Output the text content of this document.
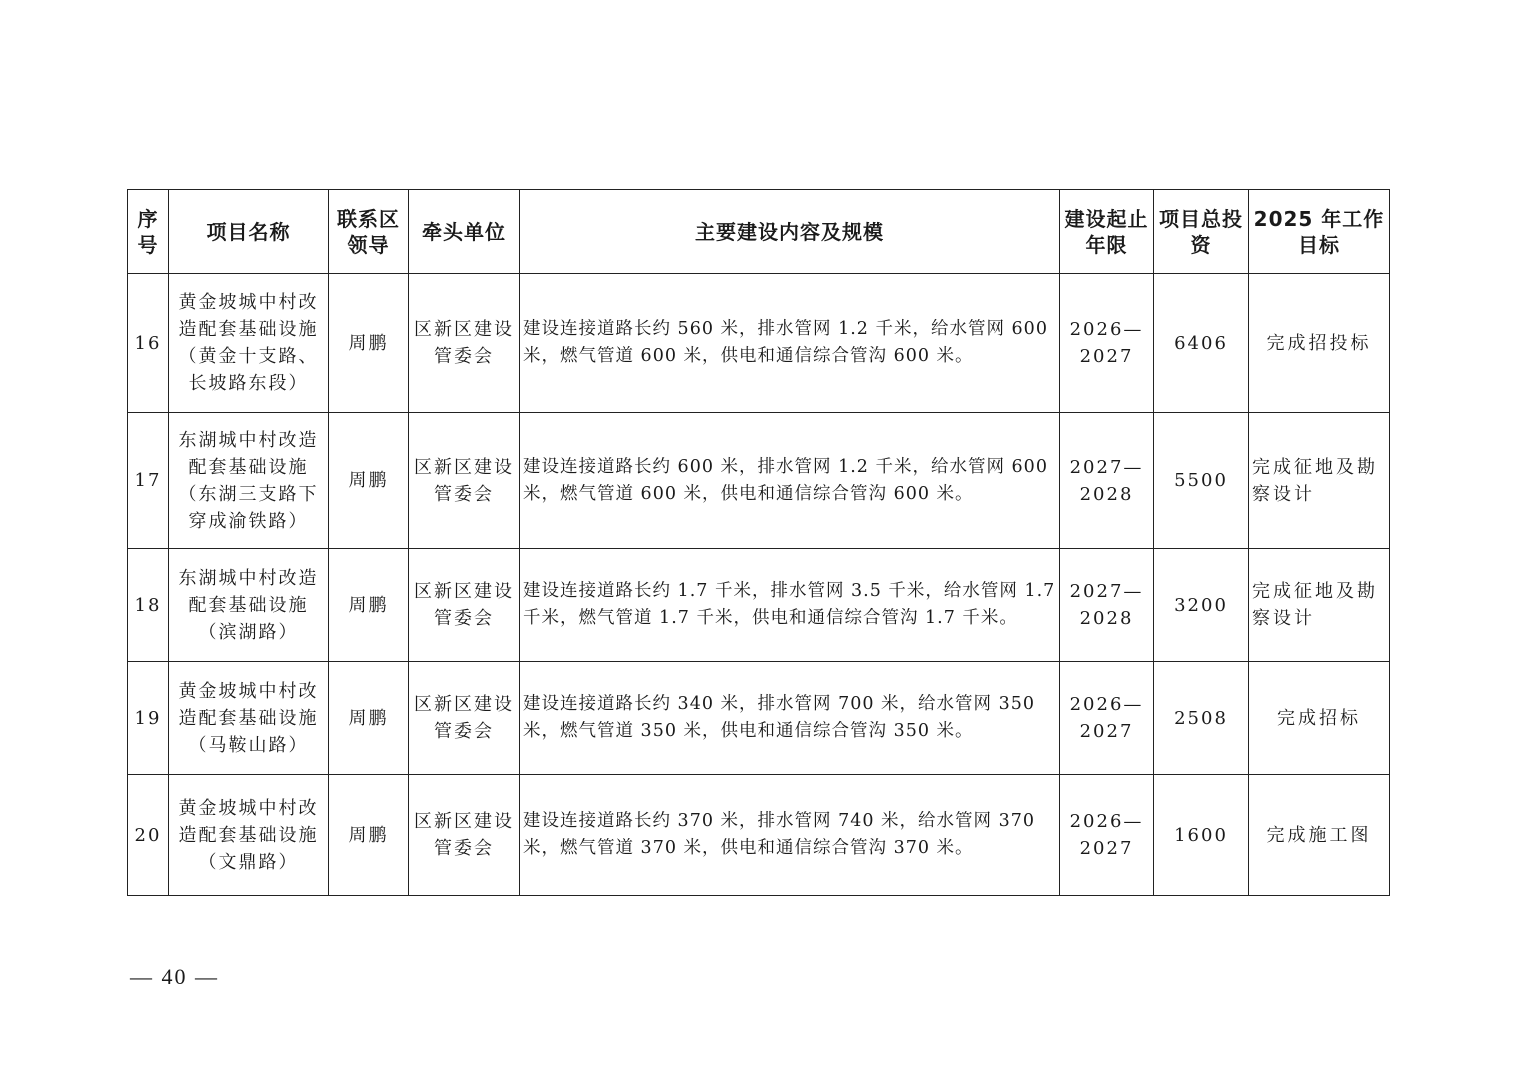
序号	项目名称	联系区领导	牵头单位	主要建设内容及规模	建设起止年限	项目总投资	2025 年工作目标
16	黄金坡城中村改造配套基础设施（黄金十支路、长坡路东段）	周鹏	区新区建设管委会	建设连接道路长约 560 米，排水管网 1.2 千米，给水管网 600 米，燃气管道 600 米，供电和通信综合管沟 600 米。	2026—2027	6406	完成招投标
17	东湖城中村改造配套基础设施（东湖三支路下穿成渝铁路）	周鹏	区新区建设管委会	建设连接道路长约 600 米，排水管网 1.2 千米，给水管网 600 米，燃气管道 600 米，供电和通信综合管沟 600 米。	2027—2028	5500	完成征地及勘察设计
18	东湖城中村改造配套基础设施（滨湖路）	周鹏	区新区建设管委会	建设连接道路长约 1.7 千米，排水管网 3.5 千米，给水管网 1.7 千米，燃气管道 1.7 千米，供电和通信综合管沟 1.7 千米。	2027—2028	3200	完成征地及勘察设计
19	黄金坡城中村改造配套基础设施（马鞍山路）	周鹏	区新区建设管委会	建设连接道路长约 340 米，排水管网 700 米，给水管网 350 米，燃气管道 350 米，供电和通信综合管沟 350 米。	2026—2027	2508	完成招标
20	黄金坡城中村改造配套基础设施（文鼎路）	周鹏	区新区建设管委会	建设连接道路长约 370 米，排水管网 740 米，给水管网 370 米，燃气管道 370 米，供电和通信综合管沟 370 米。	2026—2027	1600	完成施工图
— 40 —
